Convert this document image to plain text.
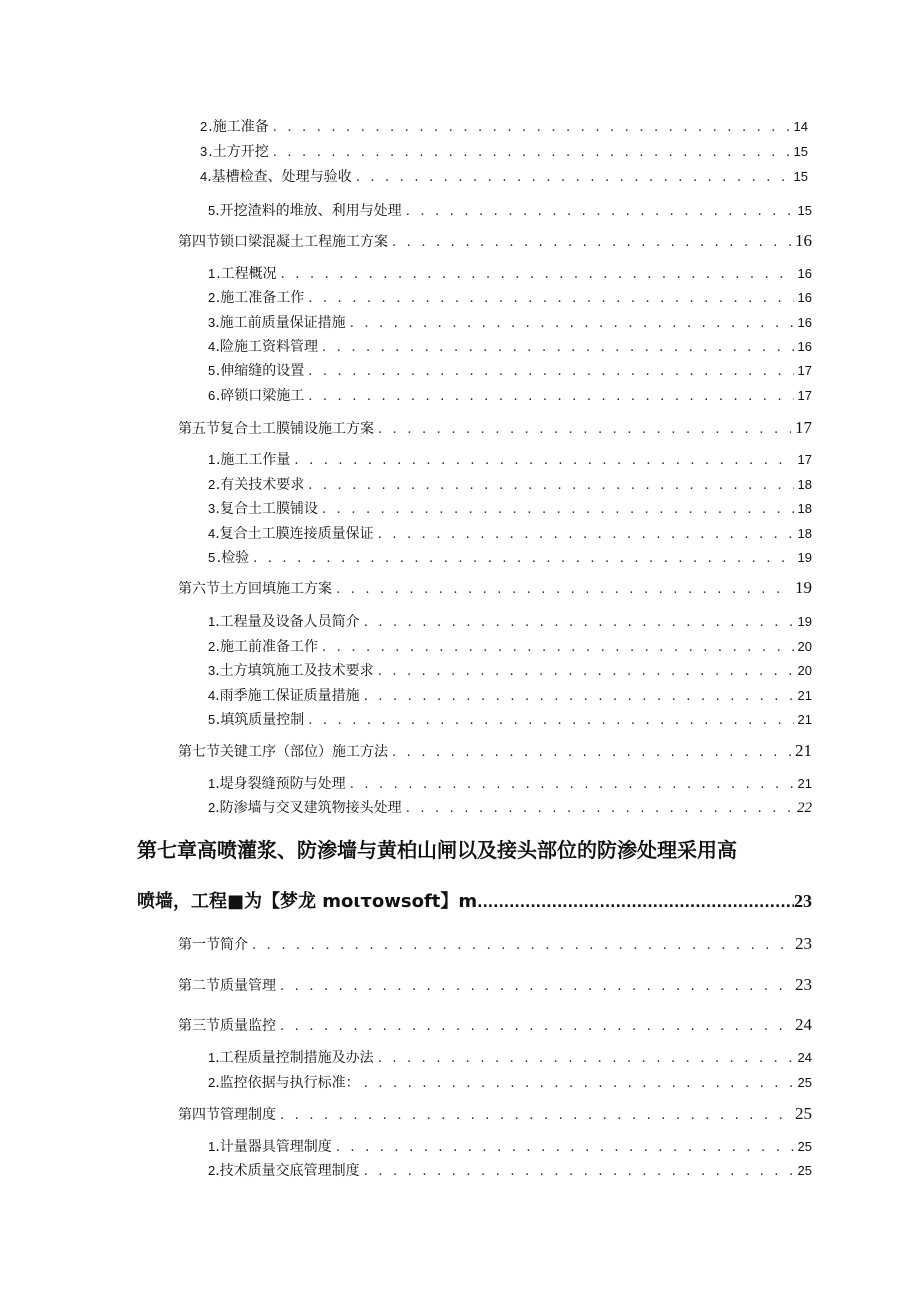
2 .施工准备 . . .	14
3 .土方开挖 . . .	15
4 .基槽检查、处理与验收 . . .	15
5 .开挖渣料的堆放、利用与处理 . . .	15
第四节锁口梁混凝土工程施工方案 . . .	16
1 .工程概况 . . .	16
2 .施工准备工作 . . .	16
3 .施工前质量保证措施 . . .	16
4 .险施工资料管理 . . .	16
5 .伸缩缝的设置 . . .	17
6 .碎锁口梁施工 . . .	17
第五节复合土工膜铺设施工方案 . . .	17
1 .施工工作量 . . .	17
2 .有关技术要求 . . .	18
3 .复合土工膜铺设 . . .	18
4 .复合土工膜连接质量保证 . . .	18
5 .检验 . . .	19
第六节土方回填施工方案 . . .	19
1 .工程量及设备人员简介 . . .	19
2 .施工前准备工作 . . .	20
3 .土方填筑施工及技术要求 . . .	20
4 .雨季施工保证质量措施 . . .	21
5 .填筑质量控制 . . .	21
第七节关键工序（部位）施工方法 . . .	21
1 .堤身裂缝预防与处理 . . .	21
2 .防渗墙与交叉建筑物接头处理 . . .	22
第七章高喷灌浆、防渗墙与黄柏山闸以及接头部位的防渗处理采用高
喷墙，工程■为【梦龙 moιτowsoft】m .....	23
第一节简介 . . .	23
第二节质量管理 . . .	23
第三节质量监控 . . .	24
1 .工程质量控制措施及办法 . . .	24
2 .监控依据与执行标准： . . .	25
第四节管理制度 . . .	25
1 .计量器具管理制度 . . .	25
2 .技术质量交底管理制度 . . .	25
